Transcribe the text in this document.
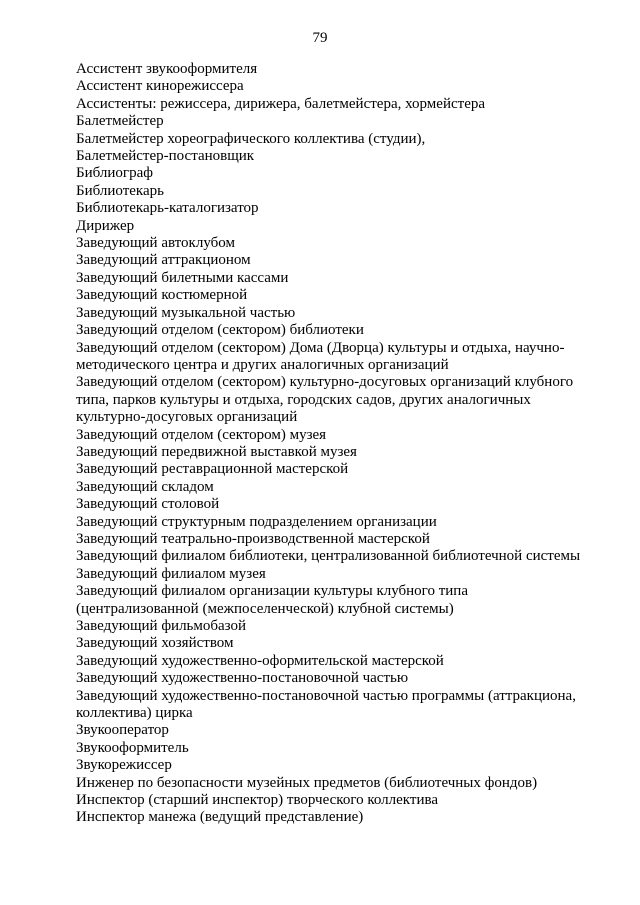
79
Ассистент звукооформителя
Ассистент кинорежиссера
Ассистенты: режиссера, дирижера, балетмейстера, хормейстера
Балетмейстер
Балетмейстер хореографического коллектива (студии),
Балетмейстер-постановщик
Библиограф
Библиотекарь
Библиотекарь-каталогизатор
Дирижер
Заведующий автоклубом
Заведующий аттракционом
Заведующий билетными кассами
Заведующий костюмерной
Заведующий музыкальной частью
Заведующий отделом (сектором) библиотеки
Заведующий отделом (сектором) Дома (Дворца) культуры и отдыха, научно-
методического центра и других аналогичных организаций
Заведующий отделом (сектором) культурно-досуговых организаций клубного
типа, парков культуры и отдыха, городских садов, других аналогичных
культурно-досуговых организаций
Заведующий отделом (сектором) музея
Заведующий передвижной выставкой музея
Заведующий реставрационной мастерской
Заведующий складом
Заведующий столовой
Заведующий структурным подразделением организации
Заведующий театрально-производственной мастерской
Заведующий филиалом библиотеки, централизованной библиотечной системы
Заведующий филиалом музея
Заведующий филиалом организации культуры клубного типа
(централизованной (межпоселенческой) клубной системы)
Заведующий фильмобазой
Заведующий хозяйством
Заведующий художественно-оформительской мастерской
Заведующий художественно-постановочной частью
Заведующий художественно-постановочной частью программы (аттракциона,
коллектива) цирка
Звукооператор
Звукооформитель
Звукорежиссер
Инженер по безопасности музейных предметов (библиотечных фондов)
Инспектор (старший инспектор) творческого коллектива
Инспектор манежа (ведущий представление)
